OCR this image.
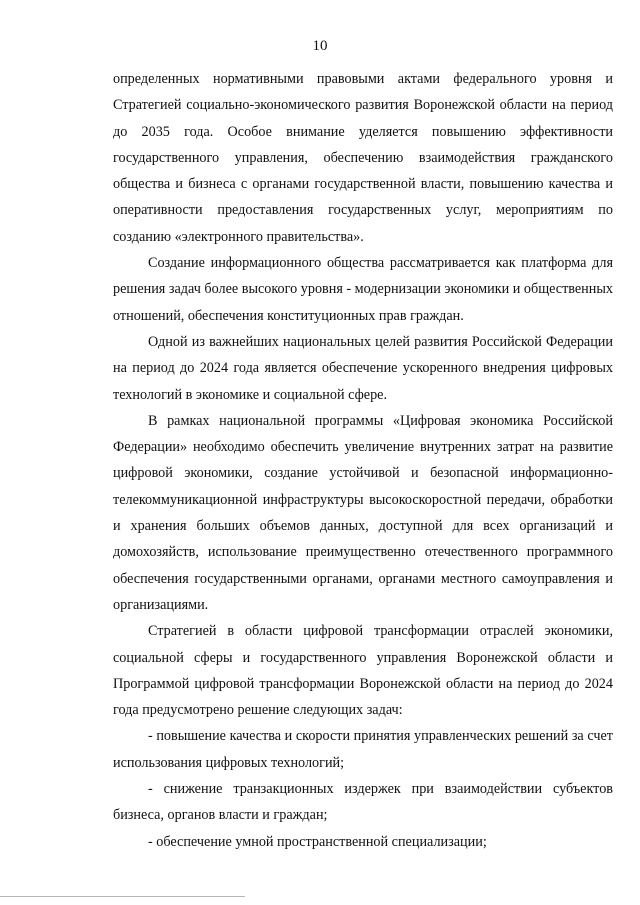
10

определенных нормативными правовыми актами федерального уровня и Стратегией социально-экономического развития Воронежской области на период до 2035 года. Особое внимание уделяется повышению эффективности государственного управления, обеспечению взаимодействия гражданского общества и бизнеса с органами государственной власти, повышению качества и оперативности предоставления государственных услуг, мероприятиям по созданию «электронного правительства».

Создание информационного общества рассматривается как платформа для решения задач более высокого уровня - модернизации экономики и общественных отношений, обеспечения конституционных прав граждан.

Одной из важнейших национальных целей развития Российской Федерации на период до 2024 года является обеспечение ускоренного внедрения цифровых технологий в экономике и социальной сфере.

В рамках национальной программы «Цифровая экономика Российской Федерации» необходимо обеспечить увеличение внутренних затрат на развитие цифровой экономики, создание устойчивой и безопасной информационно-телекоммуникационной инфраструктуры высокоскоростной передачи, обработки и хранения больших объемов данных, доступной для всех организаций и домохозяйств, использование преимущественно отечественного программного обеспечения государственными органами, органами местного самоуправления и организациями.

Стратегией в области цифровой трансформации отраслей экономики, социальной сферы и государственного управления Воронежской области и Программой цифровой трансформации Воронежской области на период до 2024 года предусмотрено решение следующих задач:

- повышение качества и скорости принятия управленческих решений за счет использования цифровых технологий;

- снижение транзакционных издержек при взаимодействии субъектов бизнеса, органов власти и граждан;

- обеспечение умной пространственной специализации;
